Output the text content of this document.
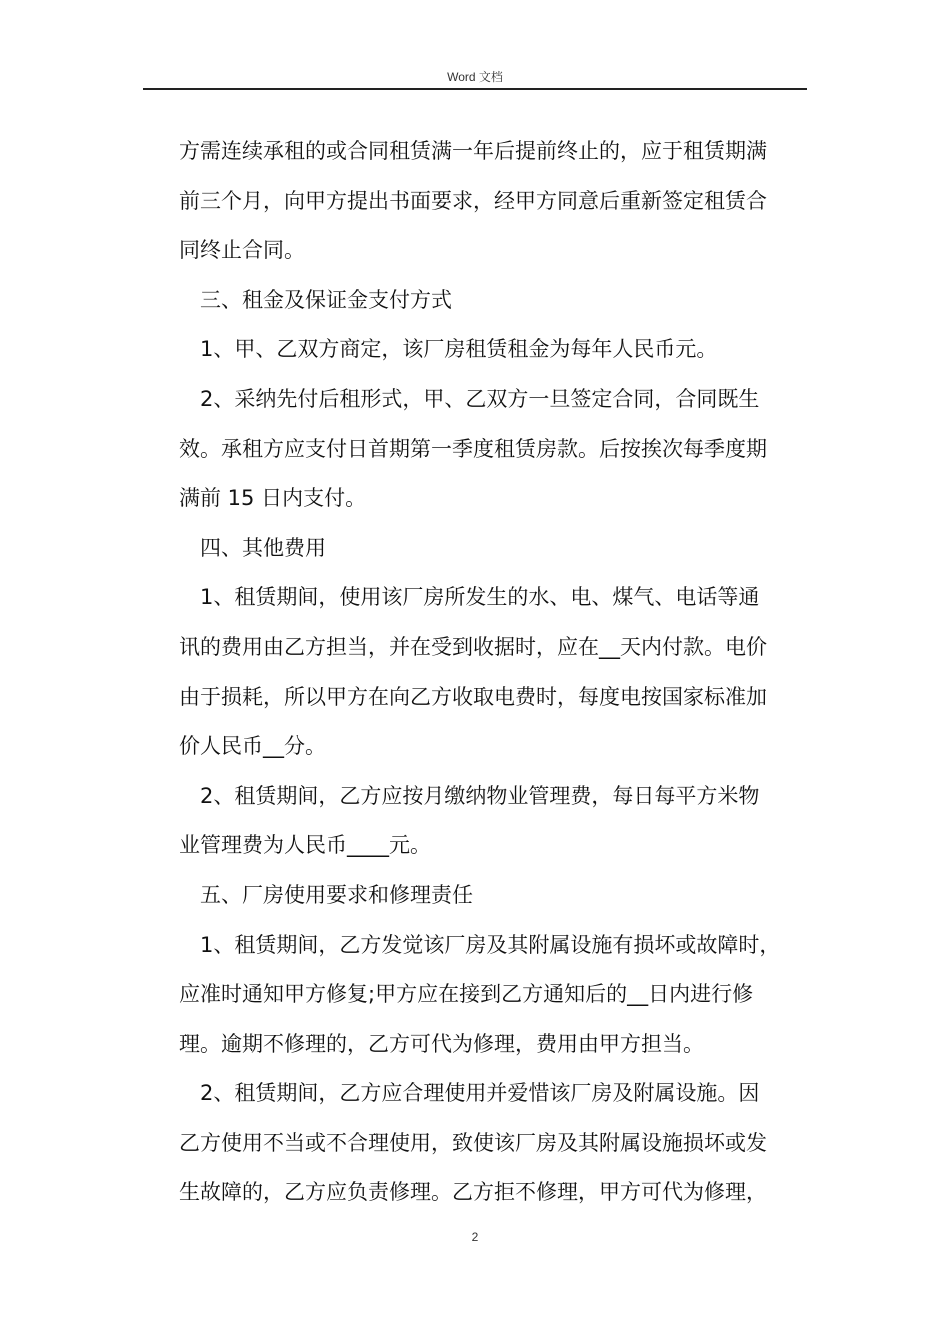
Word 文档

方需连续承租的或合同租赁满一年后提前终止的，应于租赁期满

前三个月，向甲方提出书面要求，经甲方同意后重新签定租赁合

同终止合同。

　三、租金及保证金支付方式

　1、甲、乙双方商定，该厂房租赁租金为每年人民币元。

　2、采纳先付后租形式，甲、乙双方一旦签定合同，合同既生

效。承租方应支付日首期第一季度租赁房款。后按挨次每季度期

满前 15 日内支付。

　四、其他费用

　1、租赁期间，使用该厂房所发生的水、电、煤气、电话等通

讯的费用由乙方担当，并在受到收据时，应在__天内付款。电价

由于损耗，所以甲方在向乙方收取电费时，每度电按国家标准加

价人民币__分。

　2、租赁期间，乙方应按月缴纳物业管理费，每日每平方米物

业管理费为人民币____元。

　五、厂房使用要求和修理责任

　1、租赁期间，乙方发觉该厂房及其附属设施有损坏或故障时，

应准时通知甲方修复;甲方应在接到乙方通知后的__日内进行修

理。逾期不修理的，乙方可代为修理，费用由甲方担当。

　2、租赁期间，乙方应合理使用并爱惜该厂房及附属设施。因

乙方使用不当或不合理使用，致使该厂房及其附属设施损坏或发

生故障的，乙方应负责修理。乙方拒不修理，甲方可代为修理，

2
